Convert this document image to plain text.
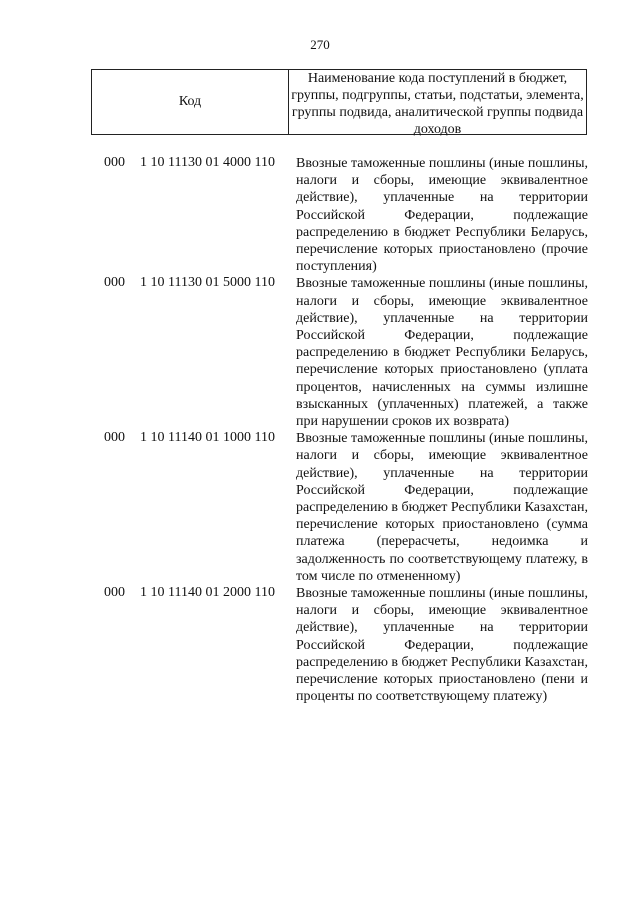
270
Код
Наименование кода поступлений в бюджет, группы, подгруппы, статьи, подстатьи, элемента, группы подвида, аналитической группы подвида доходов
000 1 10 11130 01 4000 110 Ввозные таможенные пошлины (иные пошлины, налоги и сборы, имеющие эквивалентное действие), уплаченные на территории Российской Федерации, подлежащие распределению в бюджет Республики Беларусь, перечисление которых приостановлено (прочие поступления)
000 1 10 11130 01 5000 110 Ввозные таможенные пошлины (иные пошлины, налоги и сборы, имеющие эквивалентное действие), уплаченные на территории Российской Федерации, подлежащие распределению в бюджет Республики Беларусь, перечисление которых приостановлено (уплата процентов, начисленных на суммы излишне взысканных (уплаченных) платежей, а также при нарушении сроков их возврата)
000 1 10 11140 01 1000 110 Ввозные таможенные пошлины (иные пошлины, налоги и сборы, имеющие эквивалентное действие), уплаченные на территории Российской Федерации, подлежащие распределению в бюджет Республики Казахстан, перечисление которых приостановлено (сумма платежа (перерасчеты, недоимка и задолженность по соответствующему платежу, в том числе по отмененному)
000 1 10 11140 01 2000 110 Ввозные таможенные пошлины (иные пошлины, налоги и сборы, имеющие эквивалентное действие), уплаченные на территории Российской Федерации, подлежащие распределению в бюджет Республики Казахстан, перечисление которых приостановлено (пени и проценты по соответствующему платежу)
